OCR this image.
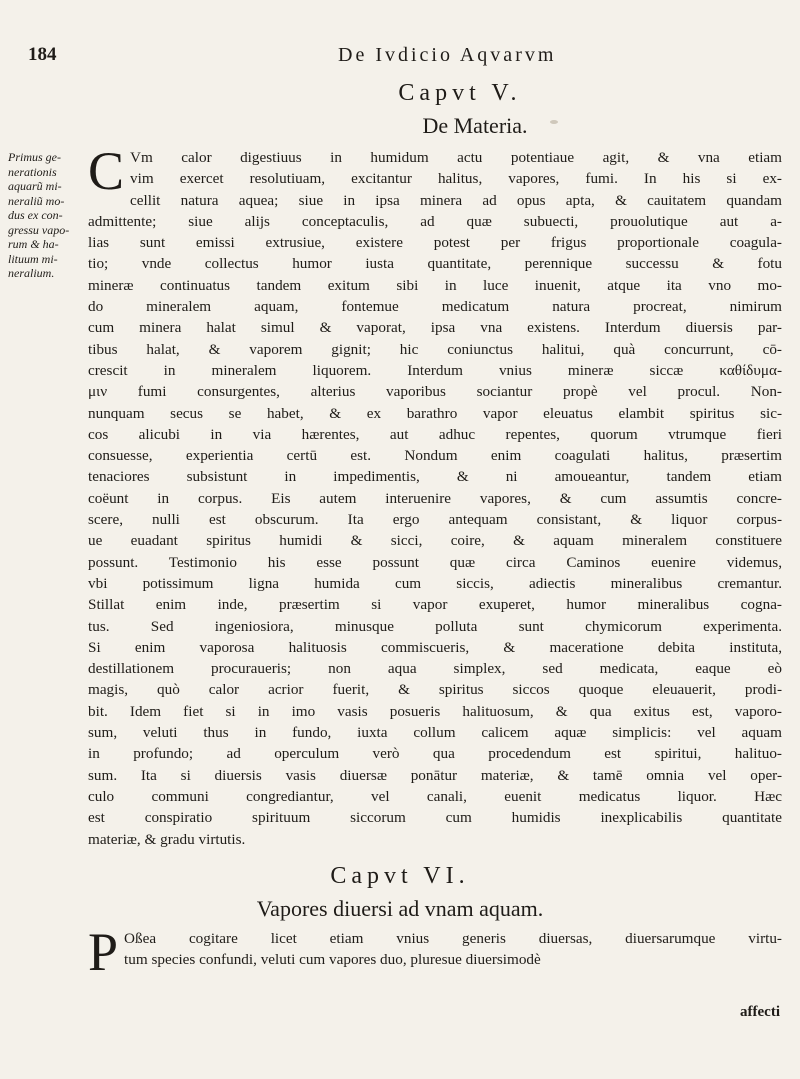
184	De Ivdicio Aqvarvm
Capvt V.
De Materia.
Primus ge-
nerationis
aquarũ mi-
neraliũ mo-
dus ex con-
gressu vapo-
rum & ha-
lituum mi-
neralium.
C Vm calor digestiuus in humidum actu potentiaue agit, & vna etiam
vim exercet resolutiuam, excitantur halitus, vapores, fumi. In his si ex-
cellit natura aquea; siue in ipsa minera ad opus apta, & cauitatem quandam
admittente; siue alijs conceptaculis, ad quæ subuecti, prouolutique aut a-
lias sunt emissi extrusiue, existere potest per frigus proportionale coagula-
tio; vnde collectus humor iusta quantitate, perennique successu & fotu
mineræ continuatus tandem exitum sibi in luce inuenit, atque ita vno mo-
do mineralem aquam, fontemue medicatum natura procreat, nimirum
cum minera halat simul & vaporat, ipsa vna existens. Interdum diuersis par-
tibus halat, & vaporem gignit; hic coniunctus halitui, quà concurrunt, cō-
crescit in mineralem liquorem. Interdum vnius mineræ siccæ καθίδυμα-
μιν fumi consurgentes, alterius vaporibus sociantur propè vel procul. Non-
nunquam secus se habet, & ex barathro vapor eleuatus elambit spiritus sic-
cos alicubi in via hærentes, aut adhuc repentes, quorum vtrumque fieri
consuesse, experientia certū est. Nondum enim coagulati halitus, præsertim
tenaciores subsistunt in impedimentis, & ni amoueantur, tandem etiam
coëunt in corpus. Eis autem interuenire vapores, & cum assumtis concre-
scere, nulli est obscurum. Ita ergo antequam consistant, & liquor corpus-
ue euadant spiritus humidi & sicci, coire, & aquam mineralem constituere
possunt. Testimonio his esse possunt quæ circa Caminos euenire videmus,
vbi potissimum ligna humida cum siccis, adiectis mineralibus cremantur.
Stillat enim inde, præsertim si vapor exuperet, humor mineralibus cogna-
tus. Sed ingeniosiora, minusque polluta sunt chymicorum experimenta.
Si enim vaporosa halituosis commiscueris, & maceratione debita instituta,
destillationem procuraueris; non aqua simplex, sed medicata, eaque eò
magis, quò calor acrior fuerit, & spiritus siccos quoque eleuauerit, prodi-
bit. Idem fiet si in imo vasis posueris halituosum, & qua exitus est, vaporo-
sum, veluti thus in fundo, iuxta collum calicem aquæ simplicis: vel aquam
in profundo; ad operculum verò qua procedendum est spiritui, halituo-
sum. Ita si diuersis vasis diuersæ ponātur materiæ, & tamē omnia vel oper-
culo communi congrediantur, vel canali, euenit medicatus liquor. Hæc
est conspiratio spirituum siccorum cum humidis inexplicabilis quantitate
materiæ, & gradu virtutis.
Capvt VI.
Vapores diuersi ad vnam aquam.
P Oßea cogitare licet etiam vnius generis diuersas, diuersarumque virtu-
tum species confundi, veluti cum vapores duo, pluresue diuersimodè
affecti
